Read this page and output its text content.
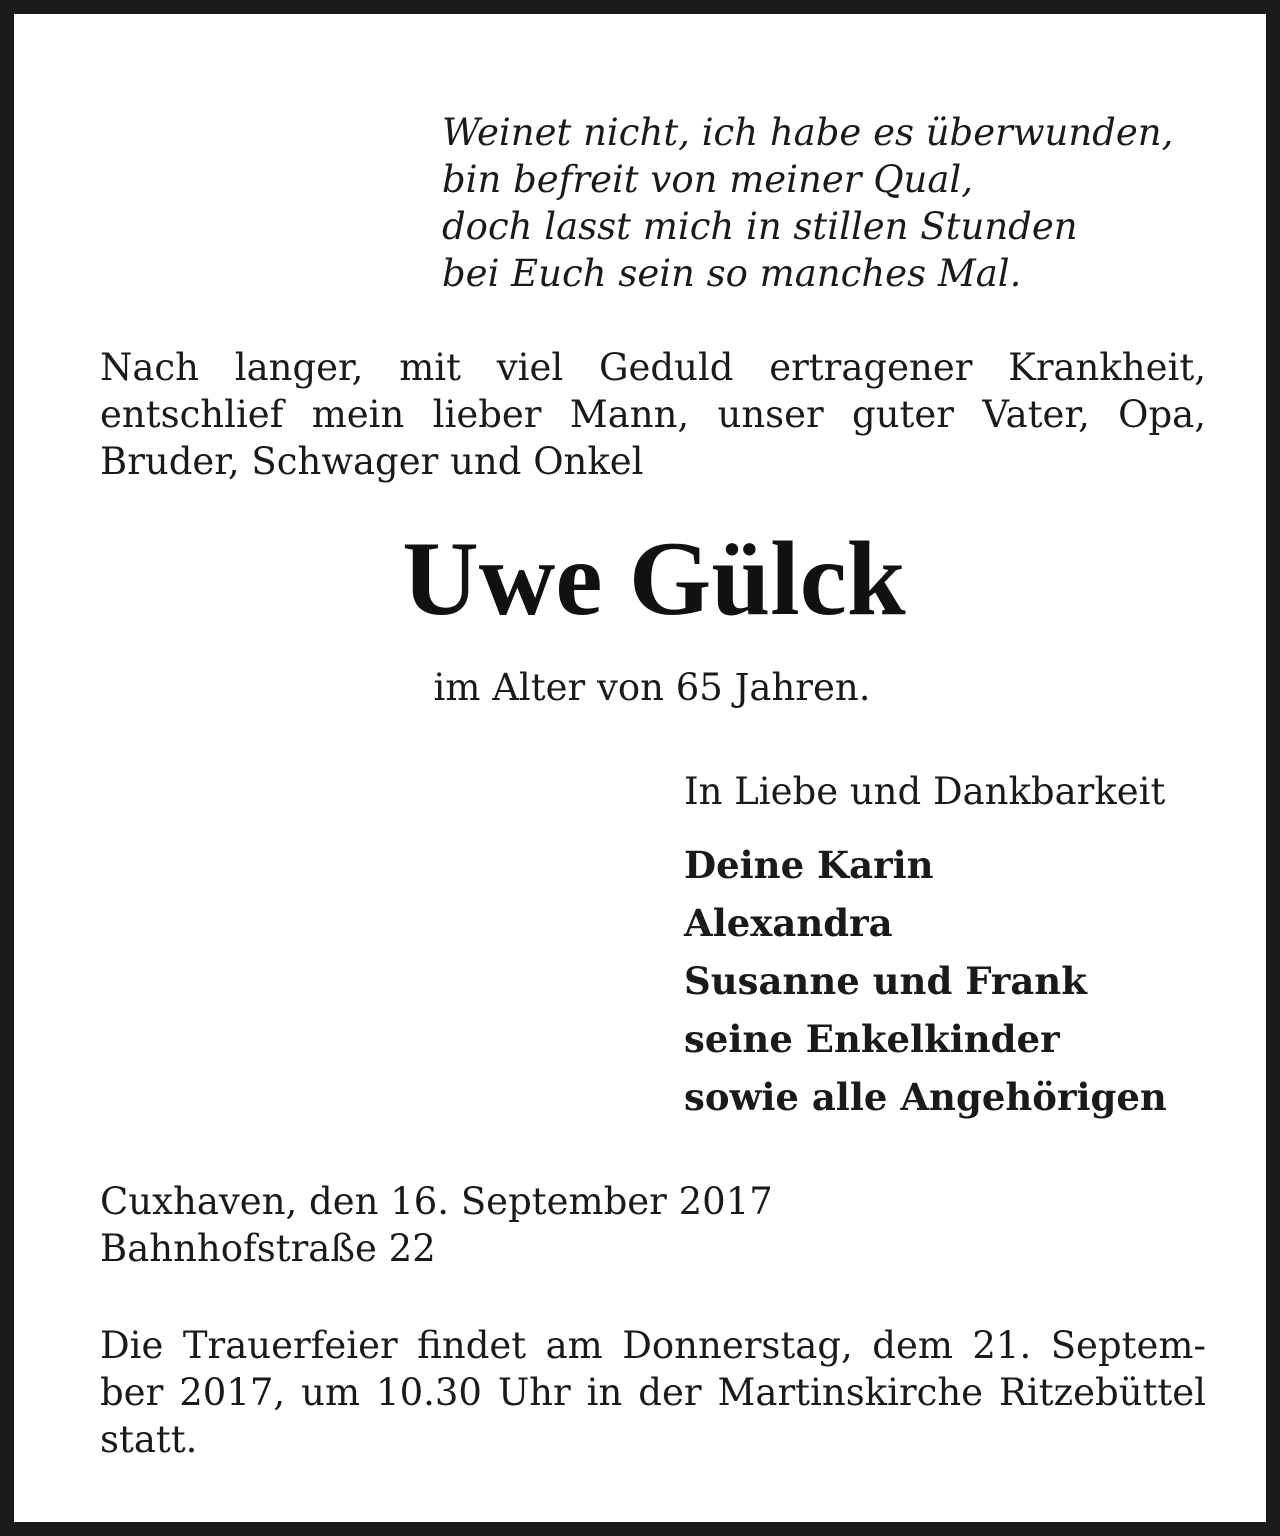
Weinet nicht, ich habe es überwunden,
bin befreit von meiner Qual,
doch lasst mich in stillen Stunden
bei Euch sein so manches Mal.
Nach langer, mit viel Geduld ertragener Krankheit,
entschlief mein lieber Mann, unser guter Vater, Opa,
Bruder, Schwager und Onkel
Uwe Gülck
im Alter von 65 Jahren.
In Liebe und Dankbarkeit
Deine Karin
Alexandra
Susanne und Frank
seine Enkelkinder
sowie alle Angehörigen
Cuxhaven, den 16. September 2017
Bahnhofstraße 22
Die Trauerfeier findet am Donnerstag, dem 21. Septem-
ber 2017, um 10.30 Uhr in der Martinskirche Ritzebüttel
statt.
